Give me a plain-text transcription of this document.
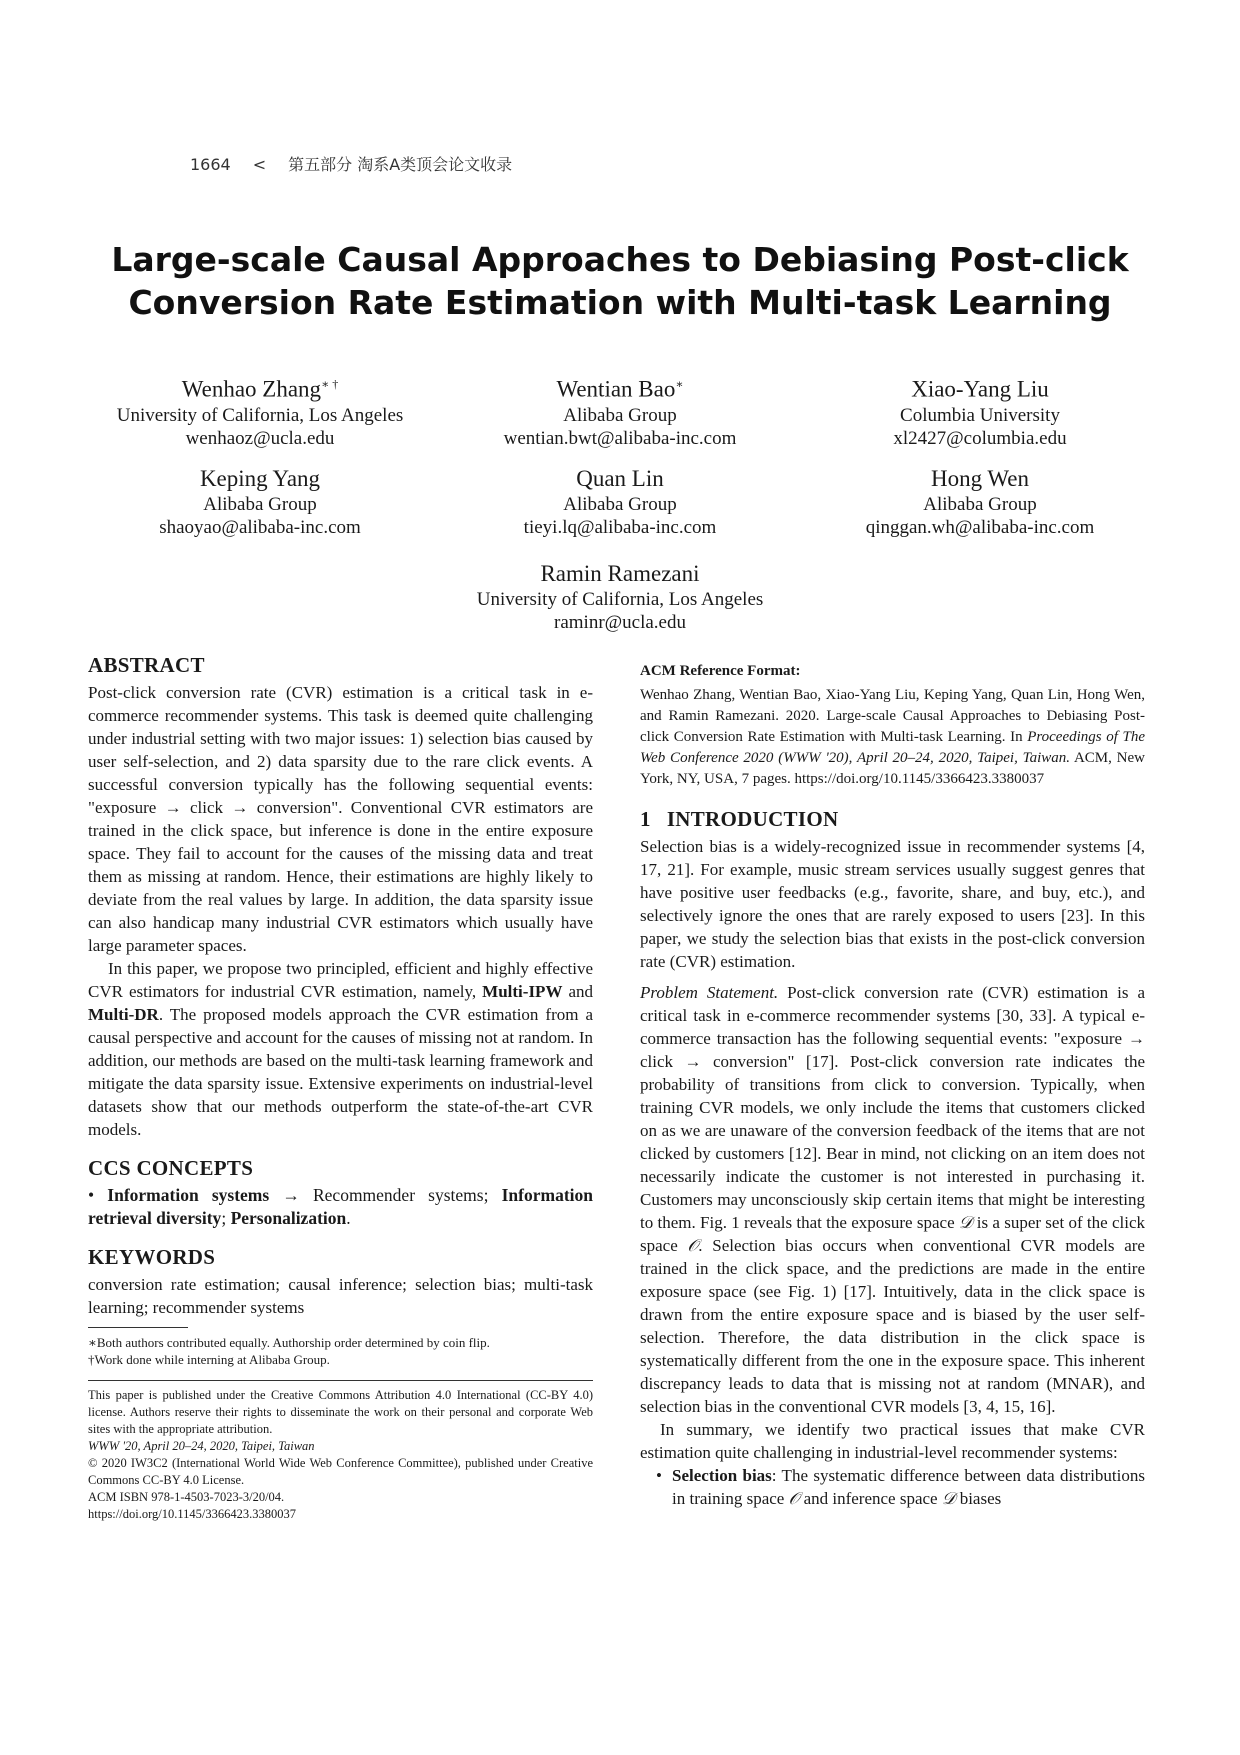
1664 < 第五部分 淘系A类顶会论文收录
Large-scale Causal Approaches to Debiasing Post-click
Conversion Rate Estimation with Multi-task Learning
Wenhao Zhang∗ †
University of California, Los Angeles
wenhaoz@ucla.edu
Wentian Bao∗
Alibaba Group
wentian.bwt@alibaba-inc.com
Xiao-Yang Liu
Columbia University
xl2427@columbia.edu
Keping Yang
Alibaba Group
shaoyao@alibaba-inc.com
Quan Lin
Alibaba Group
tieyi.lq@alibaba-inc.com
Hong Wen
Alibaba Group
qinggan.wh@alibaba-inc.com
Ramin Ramezani
University of California, Los Angeles
raminr@ucla.edu
ABSTRACT

Post-click conversion rate (CVR) estimation is a critical task in e-commerce recommender systems. This task is deemed quite challenging under industrial setting with two major issues: 1) selection bias caused by user self-selection, and 2) data sparsity due to the rare click events. A successful conversion typically has the following sequential events: "exposure → click → conversion". Conventional CVR estimators are trained in the click space, but inference is done in the entire exposure space. They fail to account for the causes of the missing data and treat them as missing at random. Hence, their estimations are highly likely to deviate from the real values by large. In addition, the data sparsity issue can also handicap many industrial CVR estimators which usually have large parameter spaces.

In this paper, we propose two principled, efficient and highly effective CVR estimators for industrial CVR estimation, namely, Multi-IPW and Multi-DR. The proposed models approach the CVR estimation from a causal perspective and account for the causes of missing not at random. In addition, our methods are based on the multi-task learning framework and mitigate the data sparsity issue. Extensive experiments on industrial-level datasets show that our methods outperform the state-of-the-art CVR models.

CCS CONCEPTS

• Information systems → Recommender systems; Information retrieval diversity; Personalization.

KEYWORDS

conversion rate estimation; causal inference; selection bias; multi-task learning; recommender systems

∗Both authors contributed equally. Authorship order determined by coin flip.
†Work done while interning at Alibaba Group.
This paper is published under the Creative Commons Attribution 4.0 International (CC-BY 4.0) license. Authors reserve their rights to disseminate the work on their personal and corporate Web sites with the appropriate attribution.
WWW '20, April 20–24, 2020, Taipei, Taiwan
© 2020 IW3C2 (International World Wide Web Conference Committee), published under Creative Commons CC-BY 4.0 License.
ACM ISBN 978-1-4503-7023-3/20/04.
https://doi.org/10.1145/3366423.3380037
ACM Reference Format:

Wenhao Zhang, Wentian Bao, Xiao-Yang Liu, Keping Yang, Quan Lin, Hong Wen, and Ramin Ramezani. 2020. Large-scale Causal Approaches to Debiasing Post-click Conversion Rate Estimation with Multi-task Learning. In Proceedings of The Web Conference 2020 (WWW '20), April 20–24, 2020, Taipei, Taiwan. ACM, New York, NY, USA, 7 pages. https://doi.org/10.1145/3366423.3380037

1 INTRODUCTION

Selection bias is a widely-recognized issue in recommender systems [4, 17, 21]. For example, music stream services usually suggest genres that have positive user feedbacks (e.g., favorite, share, and buy, etc.), and selectively ignore the ones that are rarely exposed to users [23]. In this paper, we study the selection bias that exists in the post-click conversion rate (CVR) estimation.

Problem Statement. Post-click conversion rate (CVR) estimation is a critical task in e-commerce recommender systems [30, 33]. A typical e-commerce transaction has the following sequential events: "exposure → click → conversion" [17]. Post-click conversion rate indicates the probability of transitions from click to conversion. Typically, when training CVR models, we only include the items that customers clicked on as we are unaware of the conversion feedback of the items that are not clicked by customers [12]. Bear in mind, not clicking on an item does not necessarily indicate the customer is not interested in purchasing it. Customers may unconsciously skip certain items that might be interesting to them. Fig. 1 reveals that the exposure space 𝒟 is a super set of the click space 𝒪. Selection bias occurs when conventional CVR models are trained in the click space, and the predictions are made in the entire exposure space (see Fig. 1) [17]. Intuitively, data in the click space is drawn from the entire exposure space and is biased by the user self-selection. Therefore, the data distribution in the click space is systematically different from the one in the exposure space. This inherent discrepancy leads to data that is missing not at random (MNAR), and selection bias in the conventional CVR models [3, 4, 15, 16].

In summary, we identify two practical issues that make CVR estimation quite challenging in industrial-level recommender systems:

• Selection bias: The systematic difference between data distributions in training space 𝒪 and inference space 𝒟 biases
